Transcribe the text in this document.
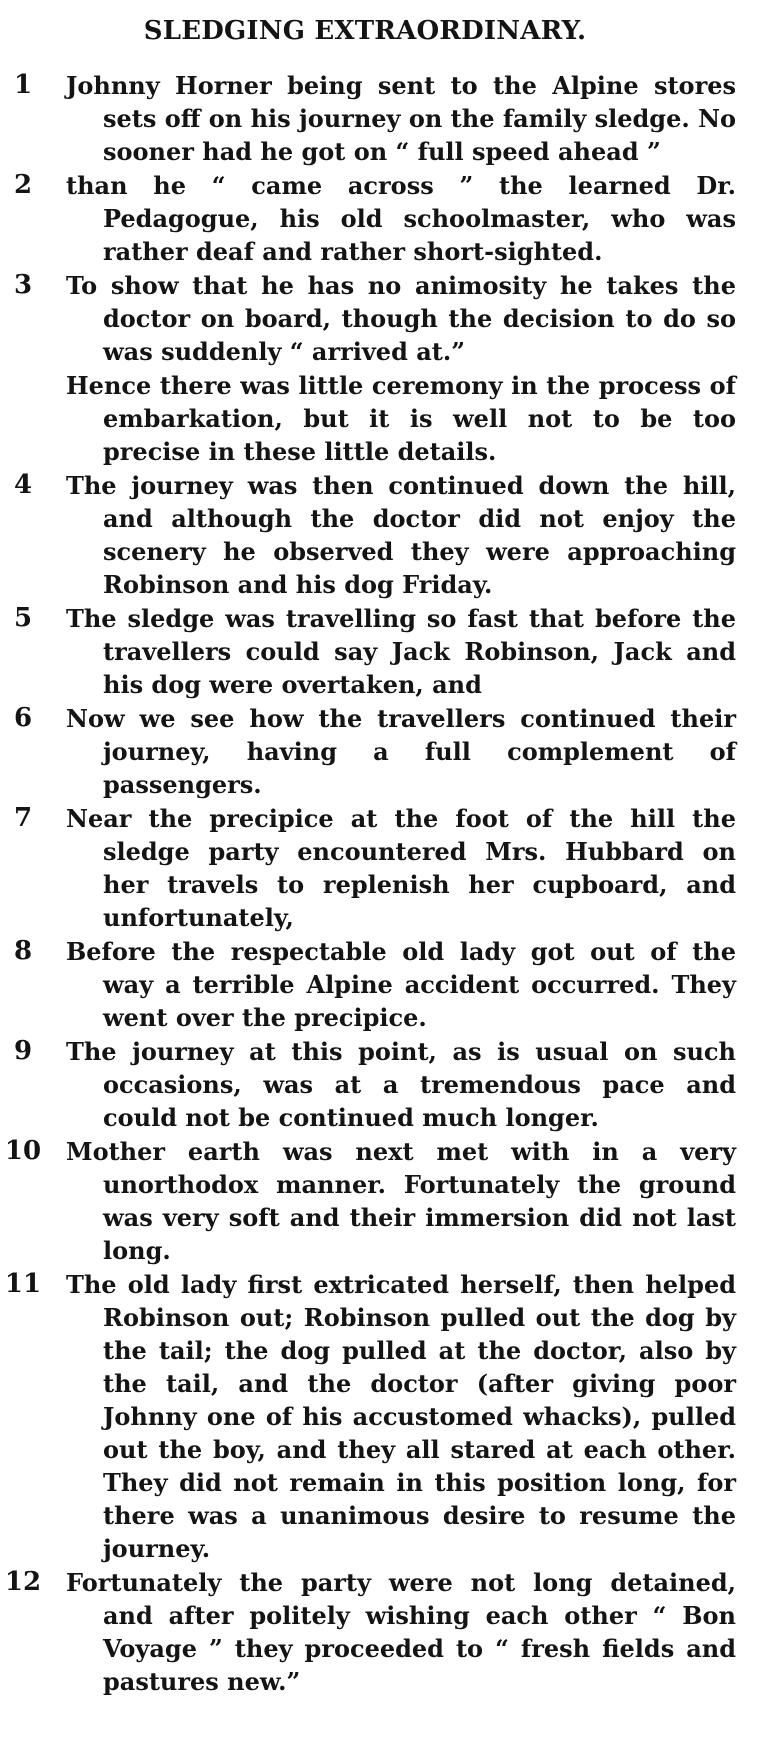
SLEDGING EXTRAORDINARY.
1	Johnny Horner being sent to the Alpine stores sets off on his journey on the family sledge. No sooner had he got on “ full speed ahead ”
2	than he “ came across ” the learned Dr. Pedagogue, his old schoolmaster, who was rather deaf and rather short-sighted.
3	To show that he has no animosity he takes the doctor on board, though the decision to do so was suddenly “ arrived at.”
Hence there was little ceremony in the process of embarkation, but it is well not to be too precise in these little details.
4	The journey was then continued down the hill, and although the doctor did not enjoy the scenery he observed they were approaching Robinson and his dog Friday.
5	The sledge was travelling so fast that before the travellers could say Jack Robinson, Jack and his dog were overtaken, and
6	Now we see how the travellers continued their journey, having a full complement of passengers.
7	Near the precipice at the foot of the hill the sledge party encountered Mrs. Hubbard on her travels to replenish her cupboard, and unfortunately,
8	Before the respectable old lady got out of the way a terrible Alpine accident occurred. They went over the precipice.
9	The journey at this point, as is usual on such occasions, was at a tremendous pace and could not be continued much longer.
10 Mother earth was next met with in a very unorthodox manner. Fortunately the ground was very soft and their immersion did not last long.
11 The old lady first extricated herself, then helped Robinson out; Robinson pulled out the dog by the tail; the dog pulled at the doctor, also by the tail, and the doctor (after giving poor Johnny one of his accustomed whacks), pulled out the boy, and they all stared at each other. They did not remain in this position long, for there was a unanimous desire to resume the journey.
12 Fortunately the party were not long detained, and after politely wishing each other “ Bon Voyage ” they proceeded to “ fresh fields and pastures new.”
